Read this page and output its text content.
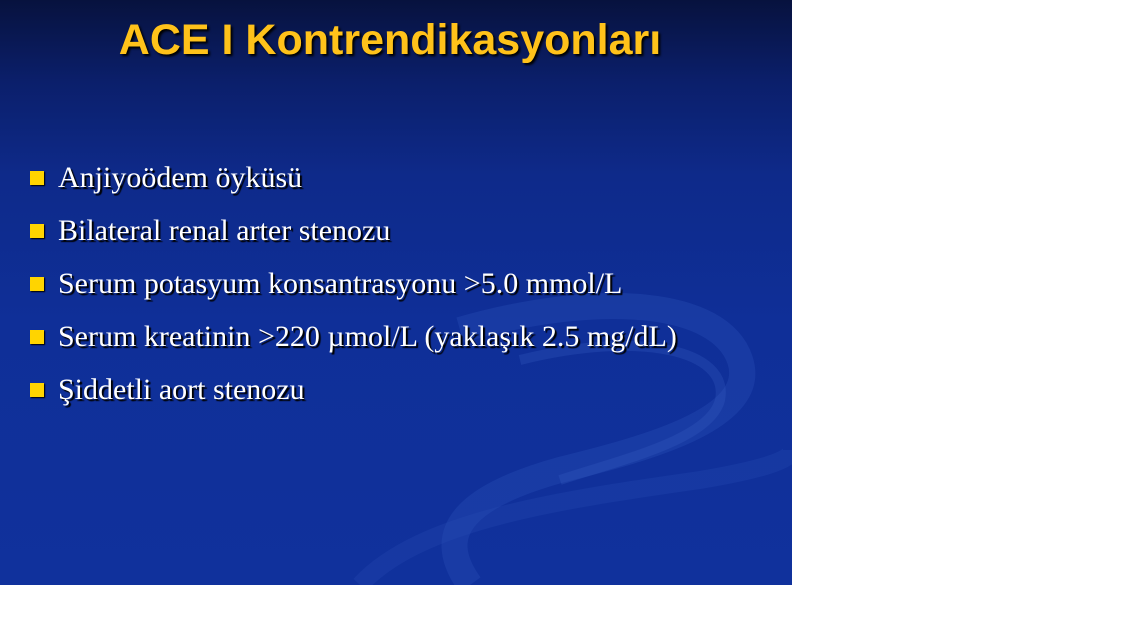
ACE I Kontrendikasyonları
Anjiyoödem öyküsü
Bilateral renal arter stenozu
Serum potasyum konsantrasyonu >5.0 mmol/L
Serum kreatinin >220 µmol/L (yaklaşık 2.5 mg/dL)
Şiddetli aort stenozu
